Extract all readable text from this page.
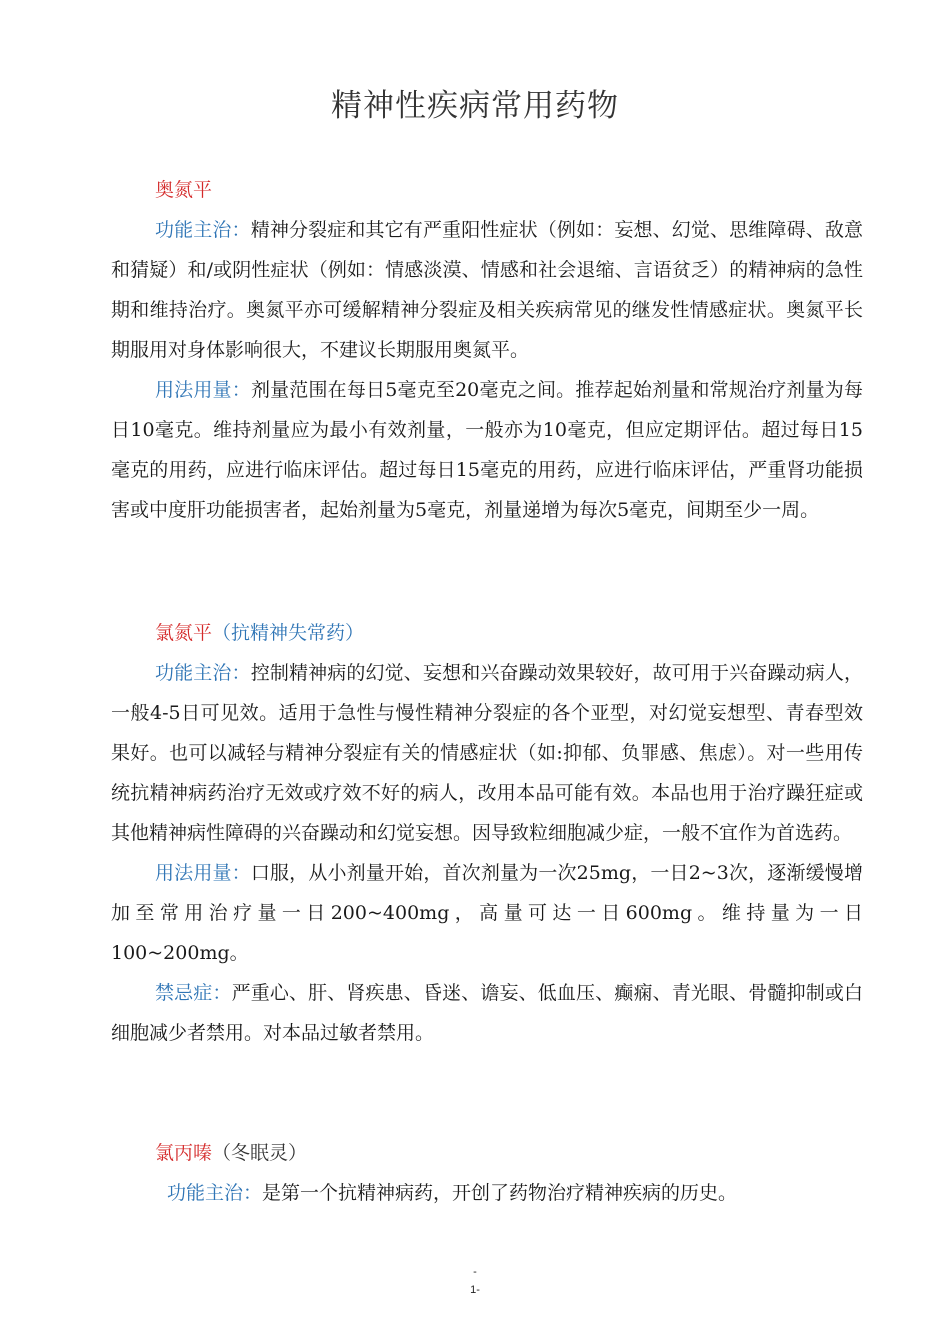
精神性疾病常用药物
奥氮平

功能主治：精神分裂症和其它有严重阳性症状（例如：妄想、幻觉、思维障碍、敌意和猜疑）和/或阴性症状（例如：情感淡漠、情感和社会退缩、言语贫乏）的精神病的急性期和维持治疗。奥氮平亦可缓解精神分裂症及相关疾病常见的继发性情感症状。奥氮平长期服用对身体影响很大，不建议长期服用奥氮平。

用法用量：剂量范围在每日5毫克至20毫克之间。推荐起始剂量和常规治疗剂量为每日10毫克。维持剂量应为最小有效剂量，一般亦为10毫克，但应定期评估。超过每日15毫克的用药，应进行临床评估。超过每日15毫克的用药，应进行临床评估，严重肾功能损害或中度肝功能损害者，起始剂量为5毫克，剂量递增为每次5毫克，间期至少一周。

氯氮平（抗精神失常药）

功能主治：控制精神病的幻觉、妄想和兴奋躁动效果较好，故可用于兴奋躁动病人，一般4-5日可见效。适用于急性与慢性精神分裂症的各个亚型，对幻觉妄想型、青春型效果好。也可以减轻与精神分裂症有关的情感症状（如:抑郁、负罪感、焦虑）。对一些用传统抗精神病药治疗无效或疗效不好的病人，改用本品可能有效。本品也用于治疗躁狂症或其他精神病性障碍的兴奋躁动和幻觉妄想。因导致粒细胞减少症，一般不宜作为首选药。

用法用量：口服，从小剂量开始，首次剂量为一次25mg，一日2~3次，逐渐缓慢增加至常用治疗量一日200~400mg，高量可达一日600mg。维持量为一日100~200mg。

禁忌症：严重心、肝、肾疾患、昏迷、谵妄、低血压、癫痫、青光眼、骨髓抑制或白细胞减少者禁用。对本品过敏者禁用。

氯丙嗪（冬眠灵）

功能主治：是第一个抗精神病药，开创了药物治疗精神疾病的历史。

-
1-
